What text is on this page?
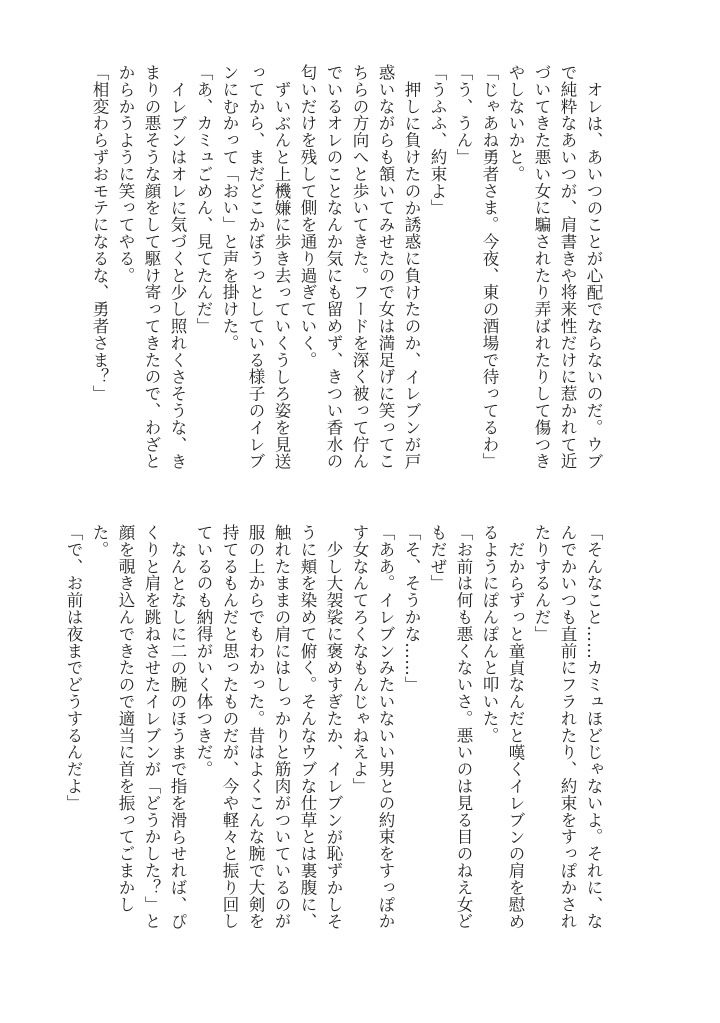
オレは、あいつのことが心配でならないのだ。ウブで純粋なあいつが、肩書きや将来性だけに惹かれて近づいてきた悪い女に騙されたり弄ばれたりして傷つきやしないかと。

「じゃあね勇者さま。今夜、東の酒場で待ってるわ」

「う、うん」

「うふふ、約束よ」

押しに負けたのか誘惑に負けたのか、イレブンが戸惑いながらも頷いてみせたので女は満足げに笑ってこちらの方向へと歩いてきた。フードを深く被って佇んでいるオレのことなんか気にも留めず、きつい香水の匂いだけを残して側を通り過ぎていく。

ずいぶんと上機嫌に歩き去っていくうしろ姿を見送ってから、まだどこかぼうっとしている様子のイレブンにむかって「おい」と声を掛けた。

「あ、カミュごめん、見てたんだ」

イレブンはオレに気づくと少し照れくさそうな、きまりの悪そうな顔をして駆け寄ってきたので、わざとからかうように笑ってやる。

「相変わらずおモテになるな、勇者さま？」

「そんなこと……カミュほどじゃないよ。それに、なんでかいつも直前にフラれたり、約束をすっぽかされたりするんだ」

だからずっと童貞なんだと嘆くイレブンの肩を慰めるようにぽんぽんと叩いた。

「お前は何も悪くないさ。悪いのは見る目のねえ女どもだぜ」

「そ、そうかな……」

「ああ。イレブンみたいないい男との約束をすっぽかす女なんてろくなもんじゃねえよ」

少し大袈裟に褒めすぎたか、イレブンが恥ずかしそうに頬を染めて俯く。そんなウブな仕草とは裏腹に、触れたままの肩にはしっかりと筋肉がついているのが服の上からでもわかった。昔はよくこんな腕で大剣を持てるもんだと思ったものだが、今や軽々と振り回しているのも納得がいく体つきだ。

なんとなしに二の腕のほうまで指を滑らせれば、ぴくりと肩を跳ねさせたイレブンが「どうかした？」と顔を覗き込んできたので適当に首を振ってごまかした。

「で、お前は夜までどうするんだよ」
